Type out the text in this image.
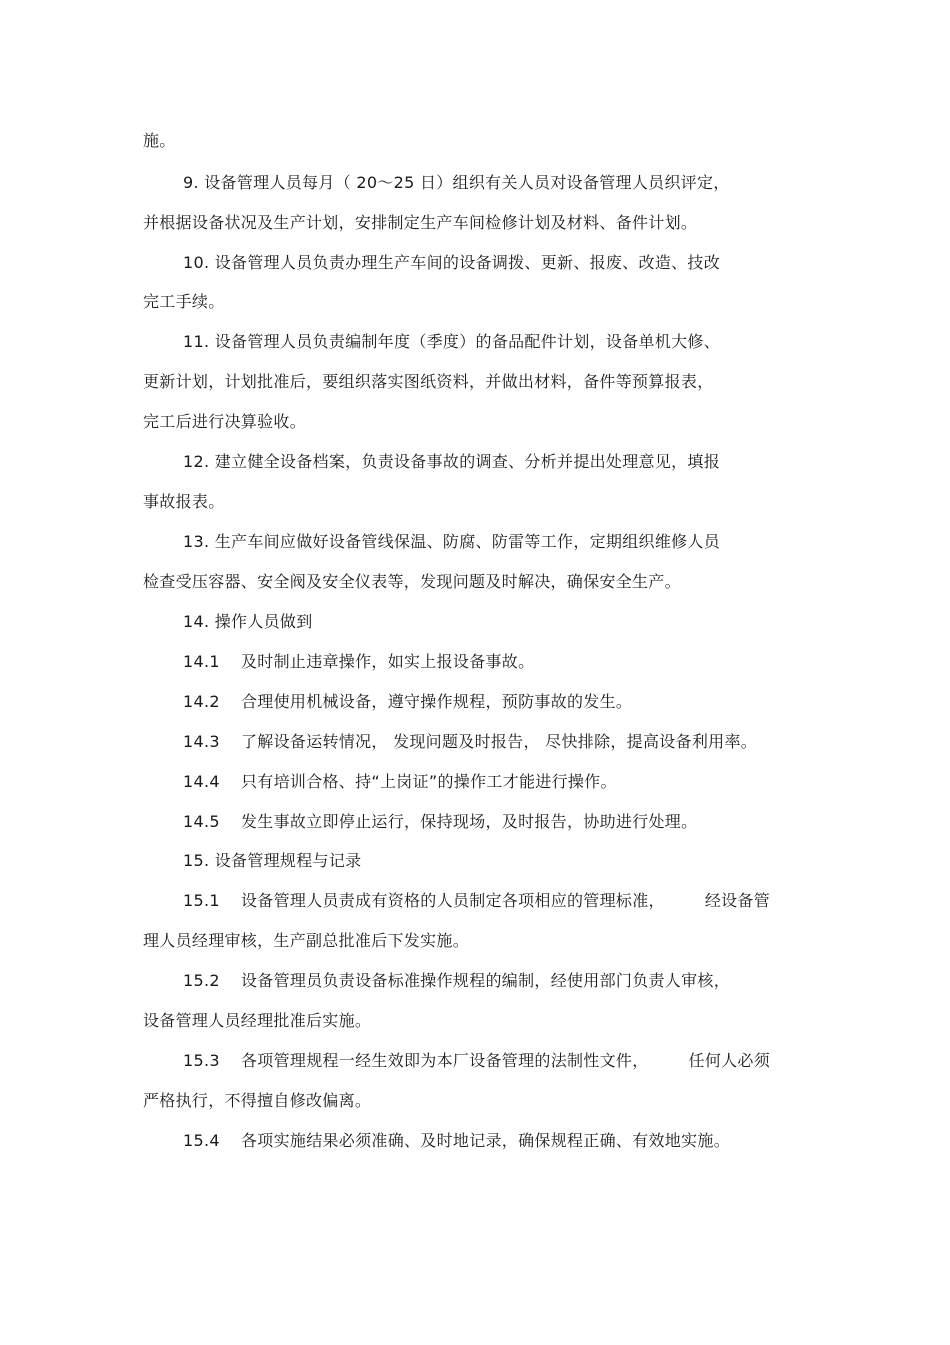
施。
9. 设备管理人员每月（ 20～25 日）组织有关人员对设备管理人员织评定，
并根据设备状况及生产计划，安排制定生产车间检修计划及材料、备件计划。
10. 设备管理人员负责办理生产车间的设备调拨、更新、报废、改造、技改
完工手续。
11. 设备管理人员负责编制年度（季度）的备品配件计划，设备单机大修、
更新计划，计划批准后，要组织落实图纸资料，并做出材料，备件等预算报表，
完工后进行决算验收。
12. 建立健全设备档案，负责设备事故的调查、分析并提出处理意见，填报
事故报表。
13. 生产车间应做好设备管线保温、防腐、防雷等工作，定期组织维修人员
检查受压容器、安全阀及安全仪表等，发现问题及时解决，确保安全生产。
14. 操作人员做到
14.1 及时制止违章操作，如实上报设备事故。
14.2 合理使用机械设备，遵守操作规程，预防事故的发生。
14.3 了解设备运转情况， 发现问题及时报告， 尽快排除，提高设备利用率。
14.4 只有培训合格、持“上岗证”的操作工才能进行操作。
14.5 发生事故立即停止运行，保持现场，及时报告，协助进行处理。
15. 设备管理规程与记录
15.1 设备管理人员责成有资格的人员制定各项相应的管理标准，	经设备管
理人员经理审核，生产副总批准后下发实施。
15.2 设备管理员负责设备标准操作规程的编制，经使用部门负责人审核，
设备管理人员经理批准后实施。
15.3 各项管理规程一经生效即为本厂设备管理的法制性文件，	任何人必须
严格执行，不得擅自修改偏离。
15.4 各项实施结果必须准确、及时地记录，确保规程正确、有效地实施。
